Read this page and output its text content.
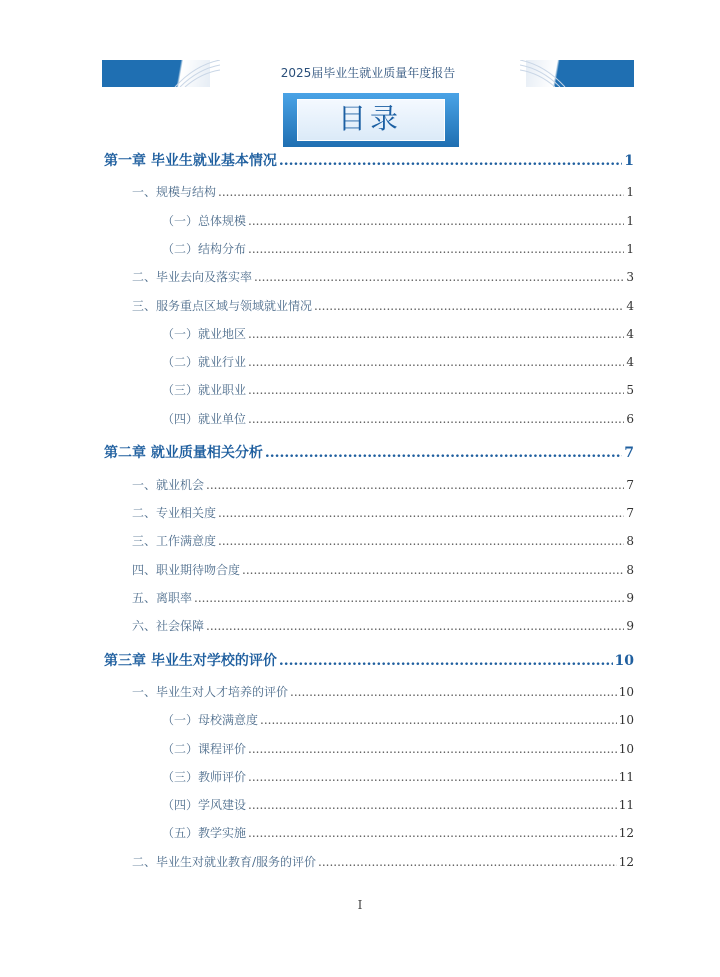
2025届毕业生就业质量年度报告
目录
第一章 毕业生就业基本情况 .....	1
一、规模与结构 .....	1
（一）总体规模 .....	1
（二）结构分布 .....	1
二、毕业去向及落实率 .....	3
三、服务重点区域与领域就业情况 .....	4
（一）就业地区 .....	4
（二）就业行业 .....	4
（三）就业职业 .....	5
（四）就业单位 .....	6
第二章 就业质量相关分析 .....	7
一、就业机会 .....	7
二、专业相关度 .....	7
三、工作满意度 .....	8
四、职业期待吻合度 .....	8
五、离职率 .....	9
六、社会保障 .....	9
第三章 毕业生对学校的评价 .....	10
一、毕业生对人才培养的评价 .....	10
（一）母校满意度 .....	10
（二）课程评价 .....	10
（三）教师评价 .....	11
（四）学风建设 .....	11
（五）教学实施 .....	12
二、毕业生对就业教育/服务的评价 .....	12
I
